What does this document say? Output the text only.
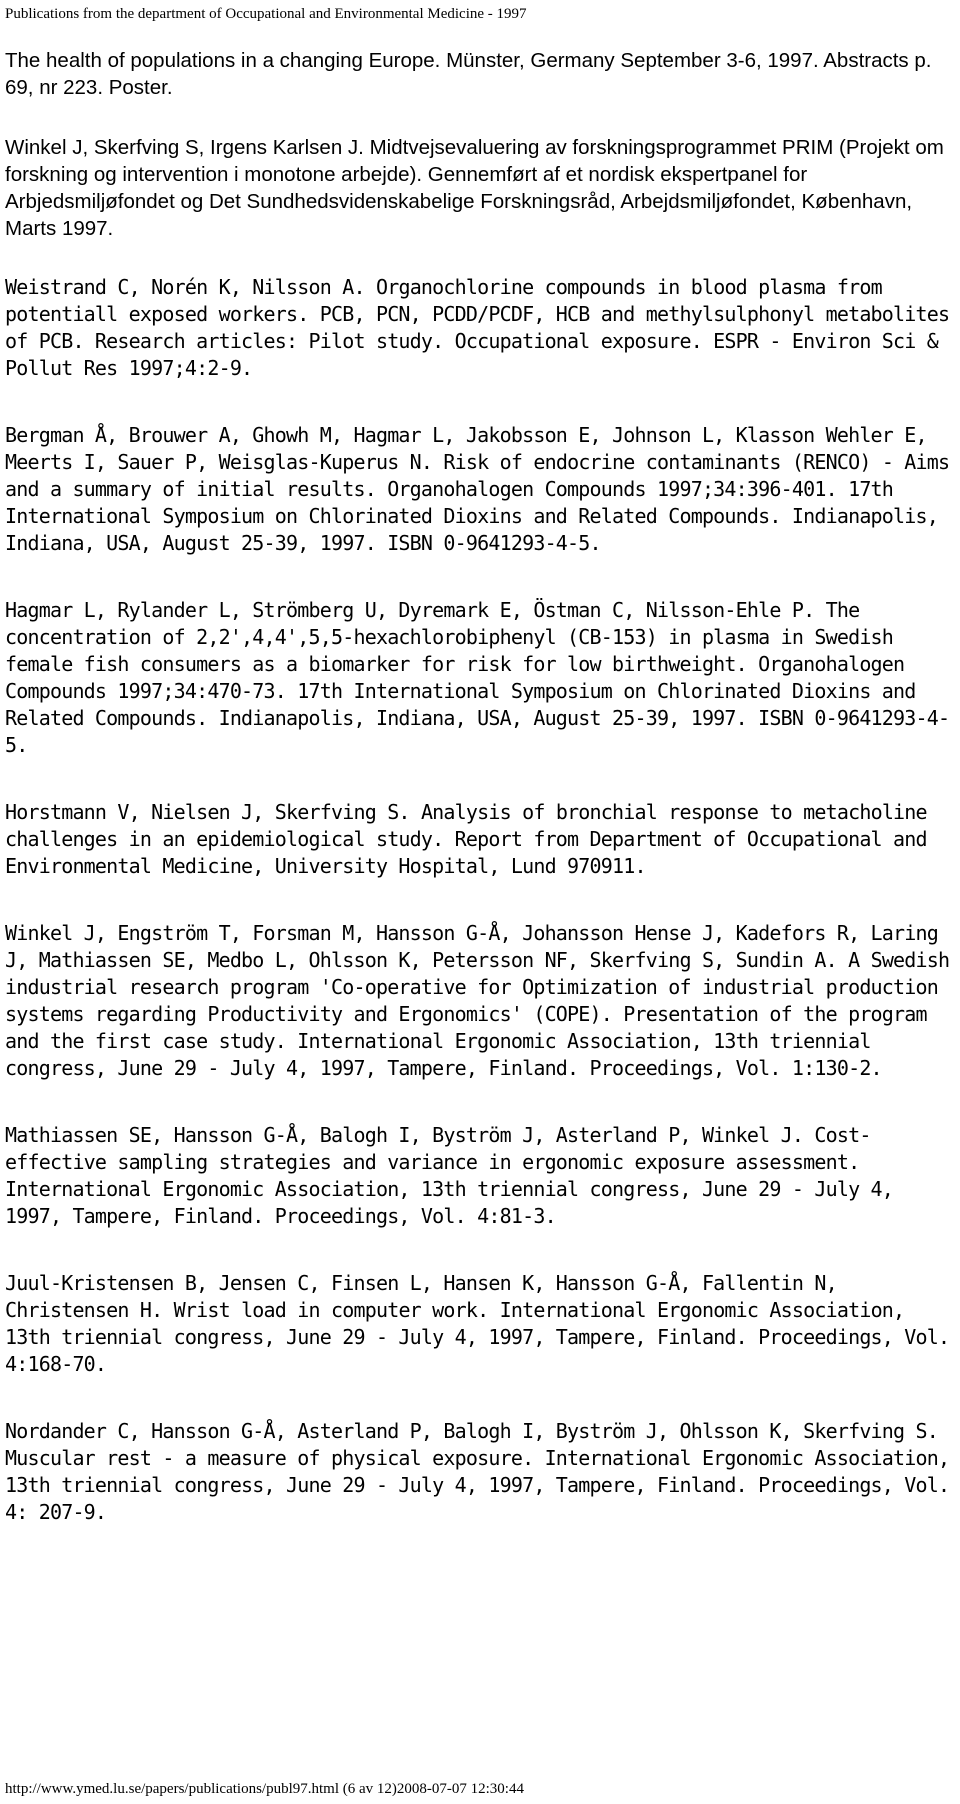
Publications from the department of Occupational and Environmental Medicine - 1997
The health of populations in a changing Europe. Münster, Germany September 3-6, 1997. Abstracts p. 69, nr 223. Poster.
Winkel J, Skerfving S, Irgens Karlsen J. Midtvejsevaluering av forskningsprogrammet PRIM (Projekt om forskning og intervention i monotone arbejde). Gennemført af et nordisk ekspertpanel for Arbjedsmiljøfondet og Det Sundhedsvidenskabelige Forskningsråd, Arbejdsmiljøfondet, København, Marts 1997.
Weistrand C, Norén K, Nilsson A. Organochlorine compounds in blood plasma from potentiall exposed workers. PCB, PCN, PCDD/PCDF, HCB and methylsulphonyl metabolites of PCB. Research articles: Pilot study. Occupational exposure. ESPR - Environ Sci & Pollut Res 1997;4:2-9.
Bergman Å, Brouwer A, Ghowh M, Hagmar L, Jakobsson E, Johnson L, Klasson Wehler E, Meerts I, Sauer P, Weisglas-Kuperus N. Risk of endocrine contaminants (RENCO) - Aims and a summary of initial results. Organohalogen Compounds 1997;34:396-401. 17th International Symposium on Chlorinated Dioxins and Related Compounds. Indianapolis, Indiana, USA, August 25-39, 1997. ISBN 0-9641293-4-5.
Hagmar L, Rylander L, Strömberg U, Dyremark E, Östman C, Nilsson-Ehle P. The concentration of 2,2',4,4',5,5-hexachlorobiphenyl (CB-153) in plasma in Swedish female fish consumers as a biomarker for risk for low birthweight. Organohalogen Compounds 1997;34:470-73. 17th International Symposium on Chlorinated Dioxins and Related Compounds. Indianapolis, Indiana, USA, August 25-39, 1997. ISBN 0-9641293-4-5.
Horstmann V, Nielsen J, Skerfving S. Analysis of bronchial response to metacholine challenges in an epidemiological study. Report from Department of Occupational and Environmental Medicine, University Hospital, Lund 970911.
Winkel J, Engström T, Forsman M, Hansson G-Å, Johansson Hense J, Kadefors R, Laring J, Mathiassen SE, Medbo L, Ohlsson K, Petersson NF, Skerfving S, Sundin A. A Swedish industrial research program 'Co-operative for Optimization of industrial production systems regarding Productivity and Ergonomics' (COPE). Presentation of the program and the first case study. International Ergonomic Association, 13th triennial congress, June 29 - July 4, 1997, Tampere, Finland. Proceedings, Vol. 1:130-2.
Mathiassen SE, Hansson G-Å, Balogh I, Byström J, Asterland P, Winkel J. Cost-effective sampling strategies and variance in ergonomic exposure assessment. International Ergonomic Association, 13th triennial congress, June 29 - July 4, 1997, Tampere, Finland. Proceedings, Vol. 4:81-3.
Juul-Kristensen B, Jensen C, Finsen L, Hansen K, Hansson G-Å, Fallentin N, Christensen H. Wrist load in computer work. International Ergonomic Association, 13th triennial congress, June 29 - July 4, 1997, Tampere, Finland. Proceedings, Vol. 4:168-70.
Nordander C, Hansson G-Å, Asterland P, Balogh I, Byström J, Ohlsson K, Skerfving S. Muscular rest - a measure of physical exposure. International Ergonomic Association, 13th triennial congress, June 29 - July 4, 1997, Tampere, Finland. Proceedings, Vol. 4: 207-9.
http://www.ymed.lu.se/papers/publications/publ97.html (6 av 12)2008-07-07 12:30:44
